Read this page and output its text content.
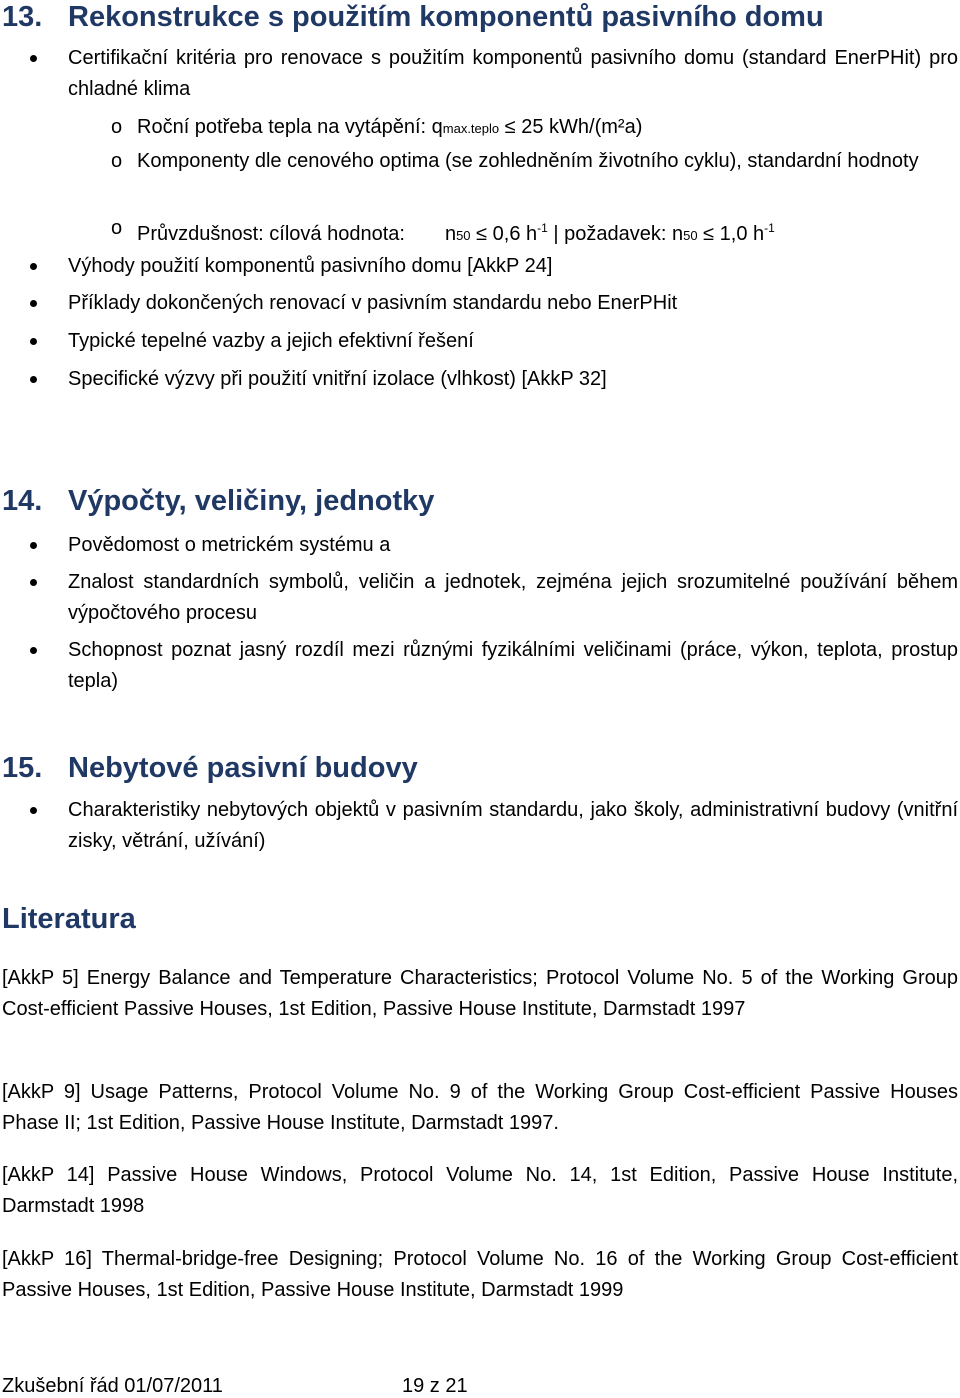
13. Rekonstrukce s použitím komponentů pasivního domu
Certifikační kritéria pro renovace s použitím komponentů pasivního domu (standard EnerPHit) pro chladné klima
o Roční potřeba tepla na vytápění: qmax.teplo ≤ 25 kWh/(m²a)
o Komponenty dle cenového optima (se zohledněním životního cyklu), standardní hodnoty
o Průvzdušnost: cílová hodnota: n50 ≤ 0,6 $h^{-1}$ | požadavek: n50 ≤ 1,0 $h^{-1}$
Výhody použití komponentů pasivního domu [AkkP 24]
Příklady dokončených renovací v pasivním standardu nebo EnerPHit
Typické tepelné vazby a jejich efektivní řešení
Specifické výzvy při použití vnitřní izolace (vlhkost) [AkkP 32]
14. Výpočty, veličiny, jednotky
Povědomost o metrickém systému a
Znalost standardních symbolů, veličin a jednotek, zejména jejich srozumitelné používání během výpočtového procesu
Schopnost poznat jasný rozdíl mezi různými fyzikálními veličinami (práce, výkon, teplota, prostup tepla)
15. Nebytové pasivní budovy
Charakteristiky nebytových objektů v pasivním standardu, jako školy, administrativní budovy (vnitřní zisky, větrání, užívání)
Literatura
[AkkP 5] Energy Balance and Temperature Characteristics; Protocol Volume No. 5 of the Working Group Cost-efficient Passive Houses, 1st Edition, Passive House Institute, Darmstadt 1997
[AkkP 9] Usage Patterns, Protocol Volume No. 9 of the Working Group Cost-efficient Passive Houses Phase II; 1st Edition, Passive House Institute, Darmstadt 1997.
[AkkP 14] Passive House Windows, Protocol Volume No. 14, 1st Edition, Passive House Institute, Darmstadt 1998
[AkkP 16] Thermal-bridge-free Designing; Protocol Volume No. 16 of the Working Group Cost-efficient Passive Houses, 1st Edition, Passive House Institute, Darmstadt 1999
Zkušební řád 01/07/2011	19 z 21
